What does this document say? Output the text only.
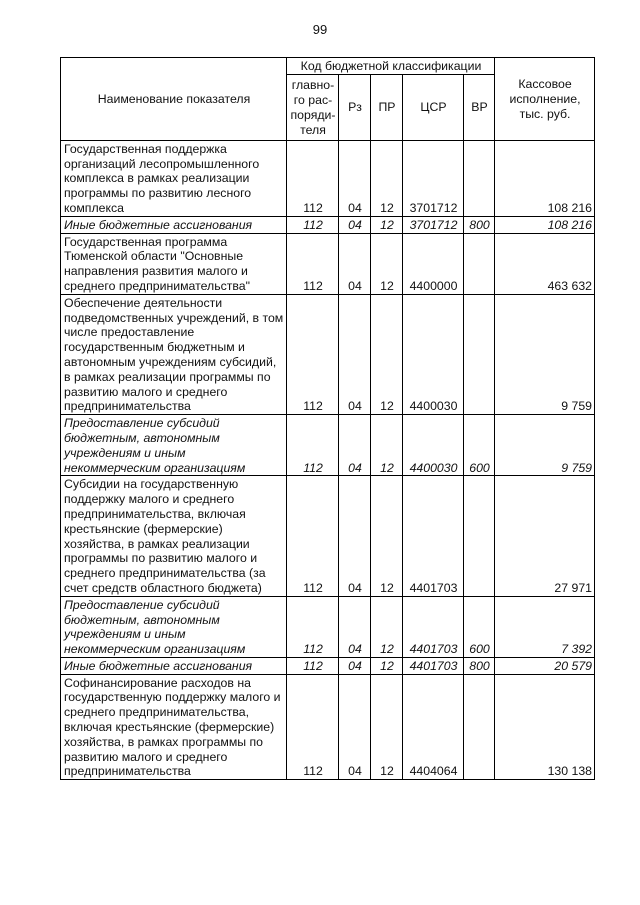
99
Наименование показателя	Код бюджетной классификации					Кассовое исполнение, тыс. руб.
	главно-го рас-поряди-теля	Рз	ПР	ЦСР	ВР	
Государственная поддержка организаций лесопромышленного комплекса в рамках реализации программы по развитию лесного комплекса	112	04	12	3701712		108 216
Иные бюджетные ассигнования	112	04	12	3701712	800	108 216
Государственная программа Тюменской области "Основные направления развития малого и среднего предпринимательства"	112	04	12	4400000		463 632
Обеспечение деятельности подведомственных учреждений, в том числе предоставление государственным бюджетным и автономным учреждениям субсидий, в рамках реализации программы по развитию малого и среднего предпринимательства	112	04	12	4400030		9 759
Предоставление субсидий бюджетным, автономным учреждениям и иным некоммерческим организациям	112	04	12	4400030	600	9 759
Субсидии на государственную поддержку малого и среднего предпринимательства, включая крестьянские (фермерские) хозяйства, в рамках реализации программы по развитию малого и среднего предпринимательства (за счет средств областного бюджета)	112	04	12	4401703		27 971
Предоставление субсидий бюджетным, автономным учреждениям и иным некоммерческим организациям	112	04	12	4401703	600	7 392
Иные бюджетные ассигнования	112	04	12	4401703	800	20 579
Софинансирование расходов на государственную поддержку малого и среднего предпринимательства, включая крестьянские (фермерские) хозяйства, в рамках программы по развитию малого и среднего предпринимательства	112	04	12	4404064		130 138
